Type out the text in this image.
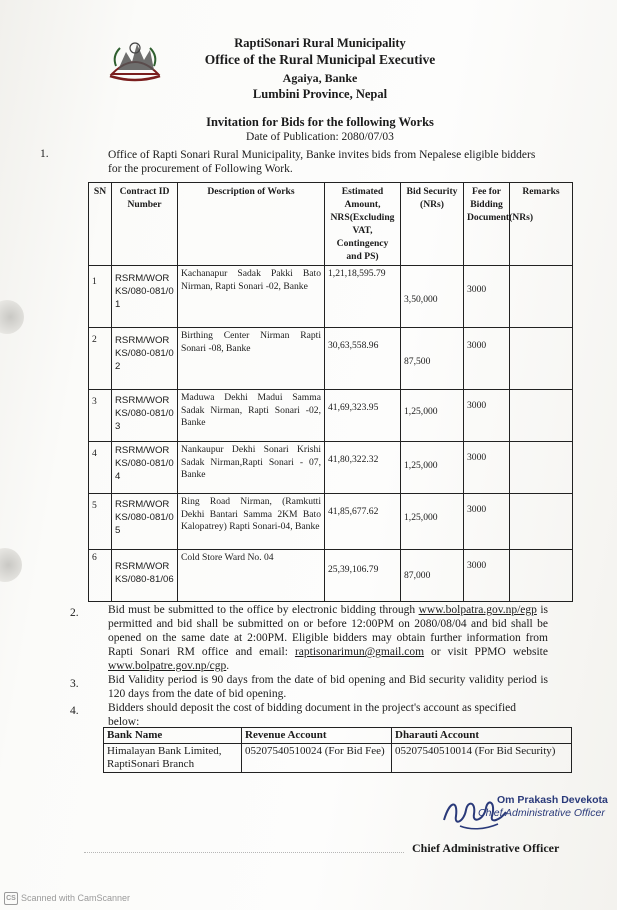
RaptiSonari Rural Municipality
Office of the Rural Municipal Executive
Agaiya, Banke
Lumbini Province, Nepal
Invitation for Bids for the following Works
Date of Publication: 2080/07/03
1.	Office of Rapti Sonari Rural Municipality, Banke invites bids from Nepalese eligible bidders for the procurement of Following Work.
SN	Contract ID Number	Description of Works	Estimated Amount, NRS(Excluding VAT, Contingency and PS)	Bid Security (NRs)	Fee for Bidding Document(NRs)	Remarks
1	RSRM/WORKS/080-081/01	Kachanapur Sadak Pakki Bato Nirman, Rapti Sonari -02, Banke	1,21,18,595.79	3,50,000	3000	
2	RSRM/WORKS/080-081/02	Birthing Center Nirman Rapti Sonari -08, Banke	30,63,558.96	87,500	3000	
3	RSRM/WORKS/080-081/03	Maduwa Dekhi Madui Samma Sadak Nirman, Rapti Sonari -02, Banke	41,69,323.95	1,25,000	3000	
4	RSRM/WORKS/080-081/04	Nankaupur Dekhi Sonari Krishi Sadak Nirman,Rapti Sonari - 07, Banke	41,80,322.32	1,25,000	3000	
5	RSRM/WORKS/080-081/05	Ring Road Nirman, (Ramkutti Dekhi Bantari Samma 2KM Bato Kalopatrey) Rapti Sonari-04, Banke	41,85,677.62	1,25,000	3000	
6	RSRM/WORKS/080-81/06	Cold Store Ward No. 04	25,39,106.79	87,000	3000	
2.	Bid must be submitted to the office by electronic bidding through www.bolpatra.gov.np/egp is permitted and bid shall be submitted on or before 12:00PM on 2080/08/04 and bid shall be opened on the same date at 2:00PM. Eligible bidders may obtain further information from Rapti Sonari RM office and email: raptisonarimun@gmail.com or visit PPMO website www.bolpatre.gov.np/cgp.
3.	Bid Validity period is 90 days from the date of bid opening and Bid security validity period is 120 days from the date of bid opening.
4.	Bidders should deposit the cost of bidding document in the project's account as specified below:
Bank Name	Revenue Account	Dharauti Account
Himalayan Bank Limited, RaptiSonari Branch	05207540510024 (For Bid Fee)	05207540510014 (For Bid Security)
Om Prakash Devekota
Chief Administrative Officer
Chief Administrative Officer
CS Scanned with CamScanner
